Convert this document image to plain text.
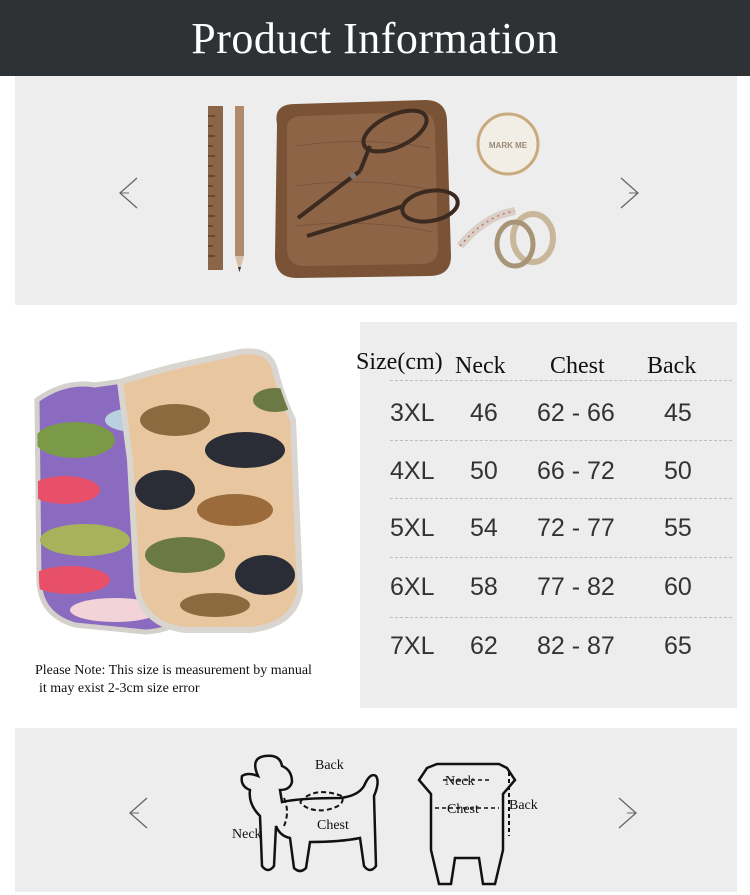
Product Information
MARK ME
Please Note: This size is measurement by manual
it may exist 2-3cm size error
Size(cm) Neck Chest Back
3XL 46 62 - 66 45
4XL 50 66 - 72 50
5XL 54 72 - 77 55
6XL 58 77 - 82 60
7XL 62 82 - 87 65
Back
Chest
Neck
Neck
Chest Back
